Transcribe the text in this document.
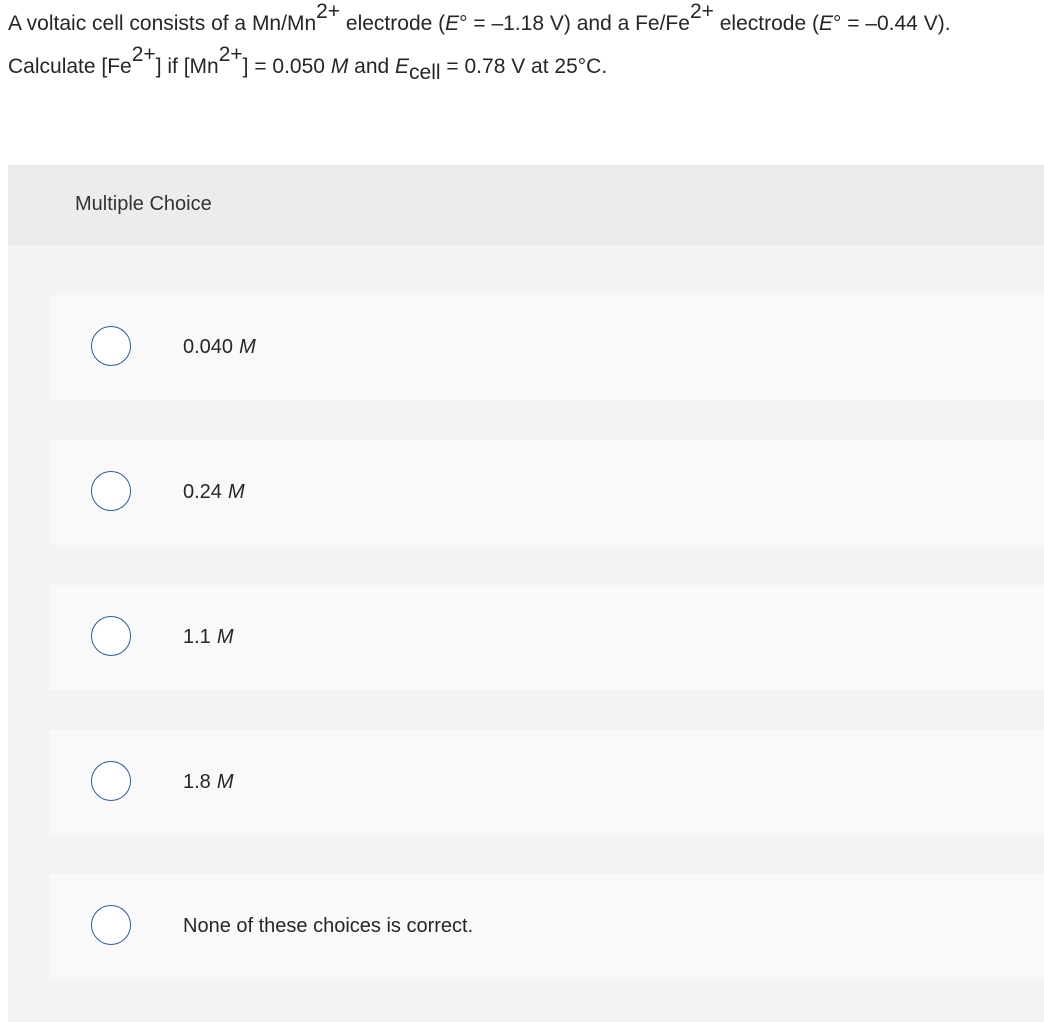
A voltaic cell consists of a $Mn/Mn^{2+}$ electrode (E° = –1.18 V) and a $Fe/Fe^{2+}$ electrode (E° = –0.44 V). Calculate $[Fe^{2+}]$ if $[Mn^{2+}] = 0.050$ M and $E_{cell} = 0.78$ V at 25°C.
Multiple Choice
0.040 M
0.24 M
1.1 M
1.8 M
None of these choices is correct.
